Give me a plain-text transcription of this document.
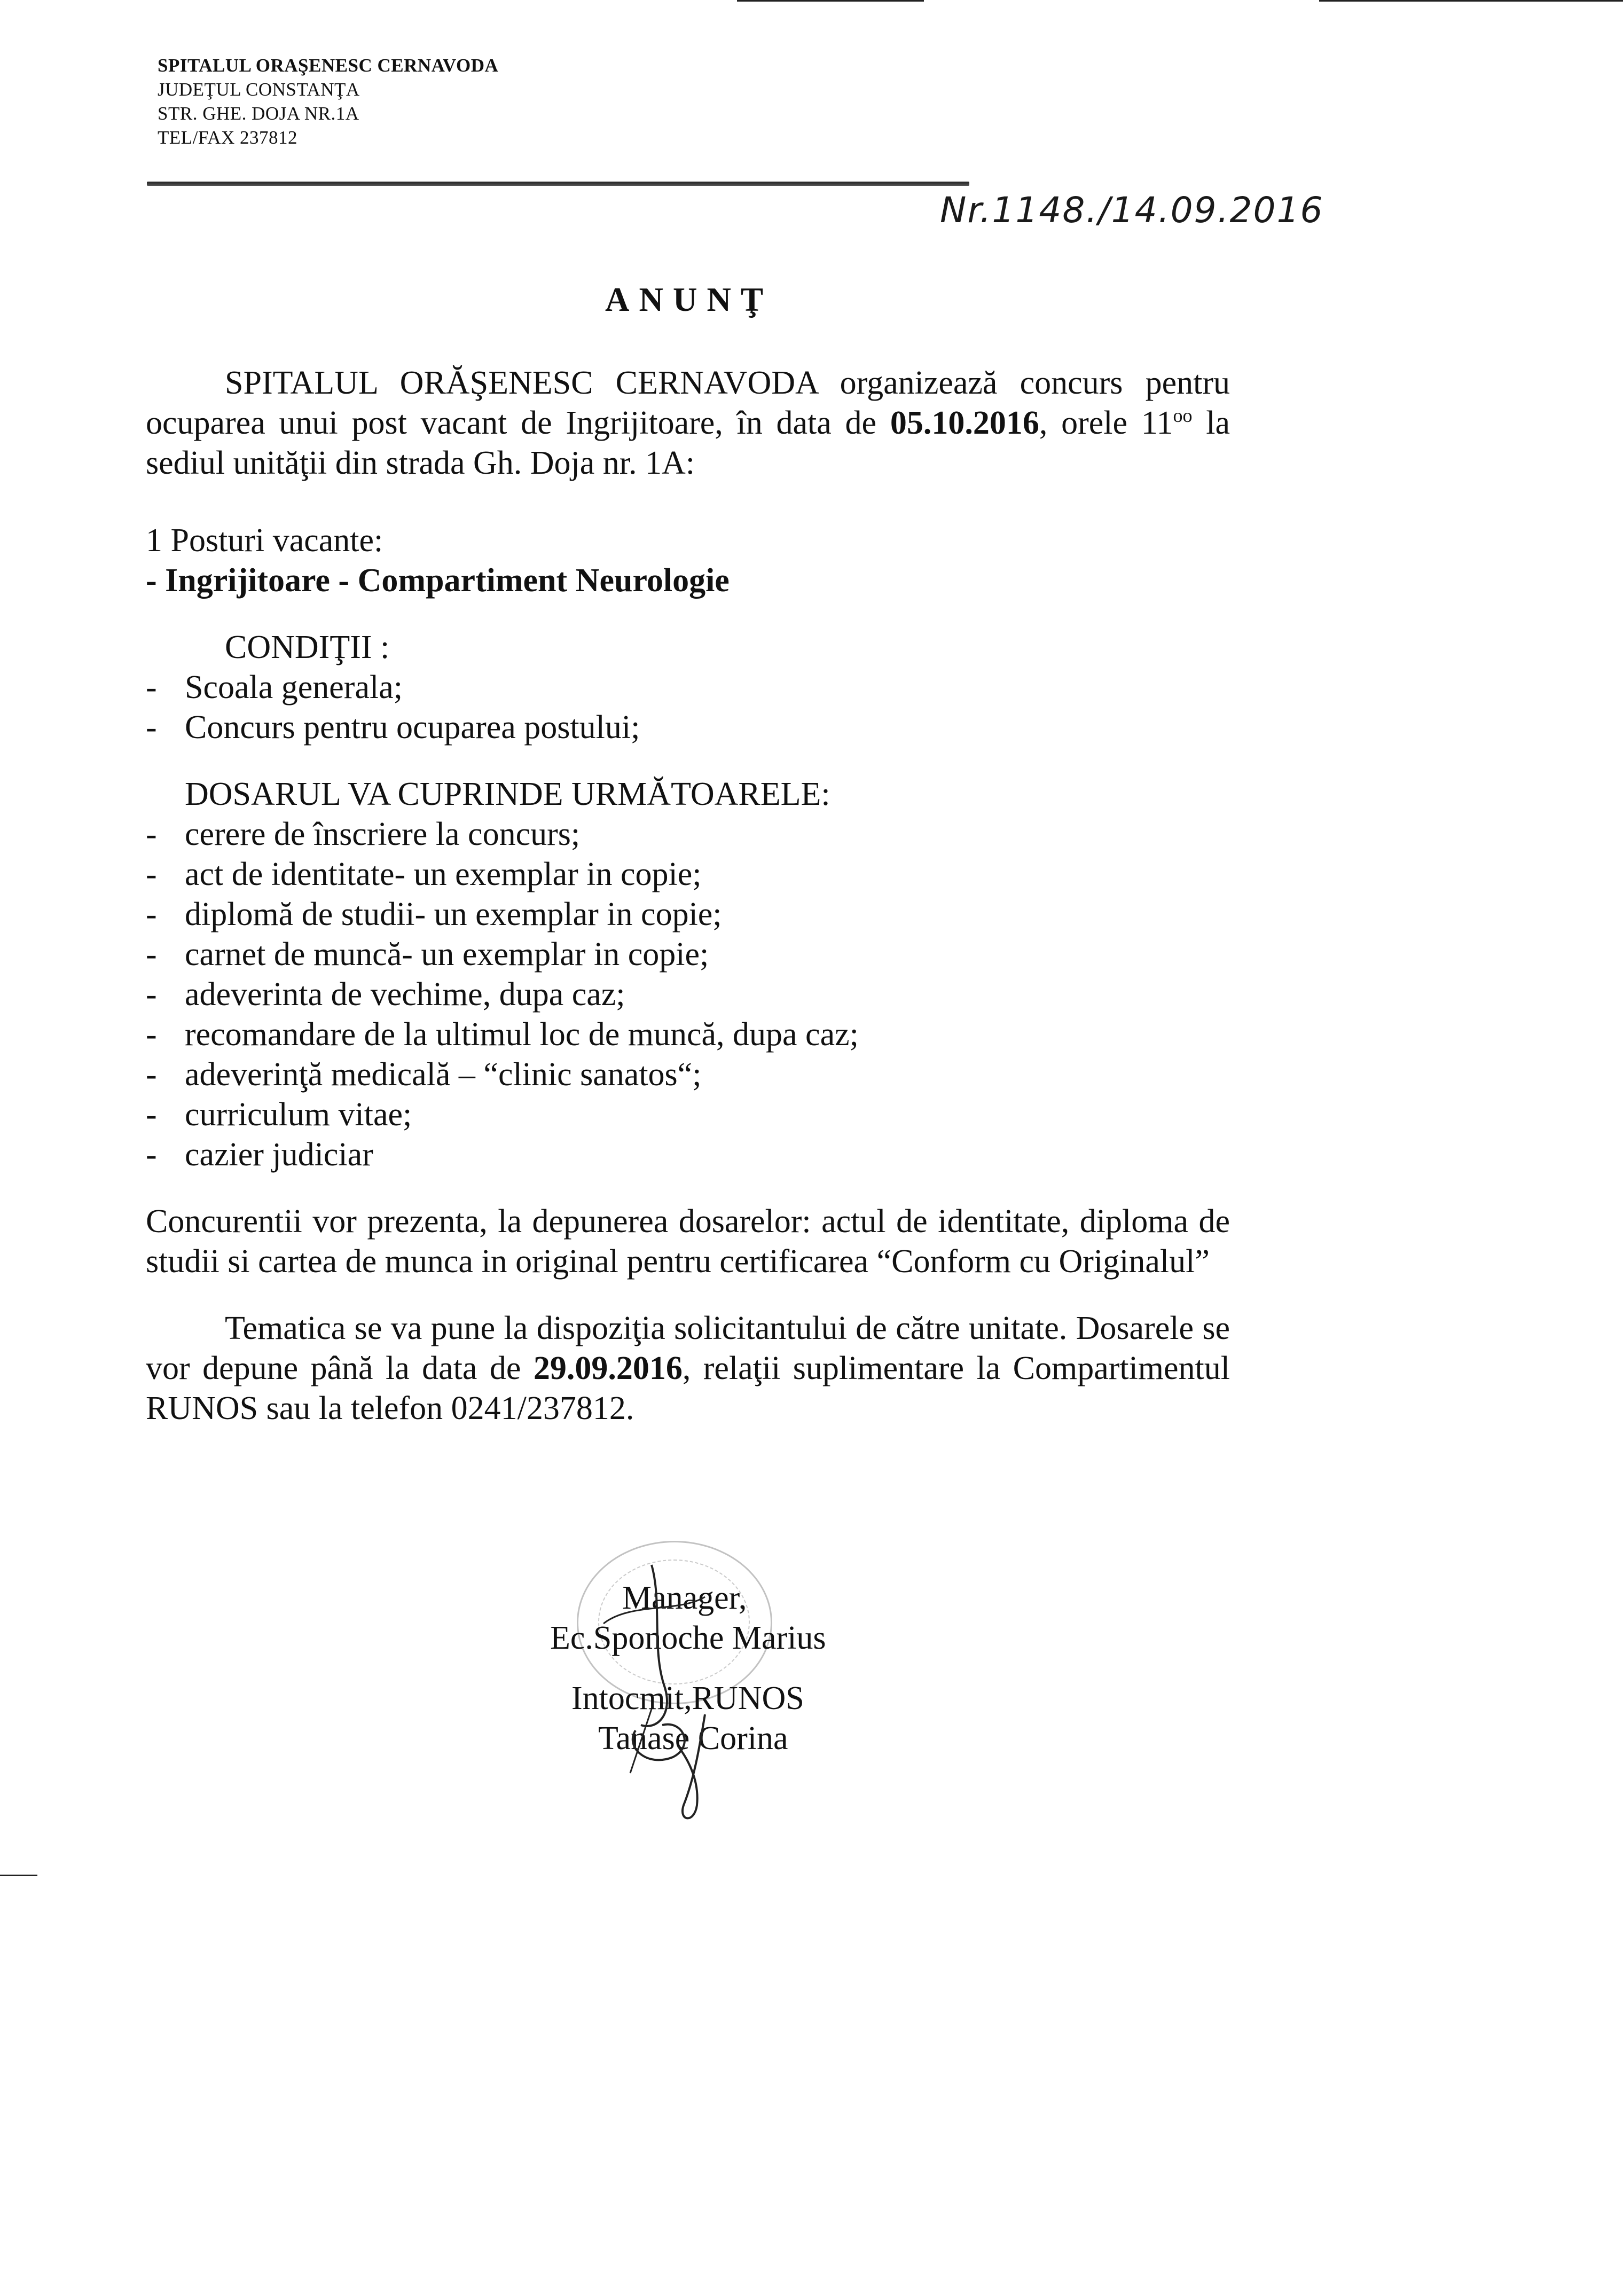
SPITALUL ORAŞENESC CERNAVODA
JUDEŢUL CONSTANŢA
STR. GHE. DOJA NR.1A
TEL/FAX 237812
Nr.1148./14.09.2016
ANUNŢ

SPITALUL ORĂŞENESC CERNAVODA organizează concurs pentru ocuparea unui post vacant de Ingrijitoare, în data de 05.10.2016, orele $11^{oo}$ la sediul unităţii din strada Gh. Doja nr. 1A:

1 Posturi vacante:

- Ingrijitoare - Compartiment Neurologie

CONDIŢII :

- Scoala generala;
- Concurs pentru ocuparea postului;

DOSARUL VA CUPRINDE URMĂTOARELE:

- cerere de înscriere la concurs;
- act de identitate- un exemplar in copie;
- diplomă de studii- un exemplar in copie;
- carnet de muncă- un exemplar in copie;
- adeverinta de vechime, dupa caz;
- recomandare de la ultimul loc de muncă, dupa caz;
- adeverinţă medicală – “clinic sanatos“;
- curriculum vitae;
- cazier judiciar

Concurentii vor prezenta, la depunerea dosarelor: actul de identitate, diploma de studii si cartea de munca in original pentru certificarea “Conform cu Originalul”

Tematica se va pune la dispoziţia solicitantului de către unitate. Dosarele se vor depune până la data de 29.09.2016, relaţii suplimentare la Compartimentul RUNOS sau la telefon 0241/237812.

Manager,
Ec.Sponoche Marius
Intocmit,RUNOS
Tanase Corina
